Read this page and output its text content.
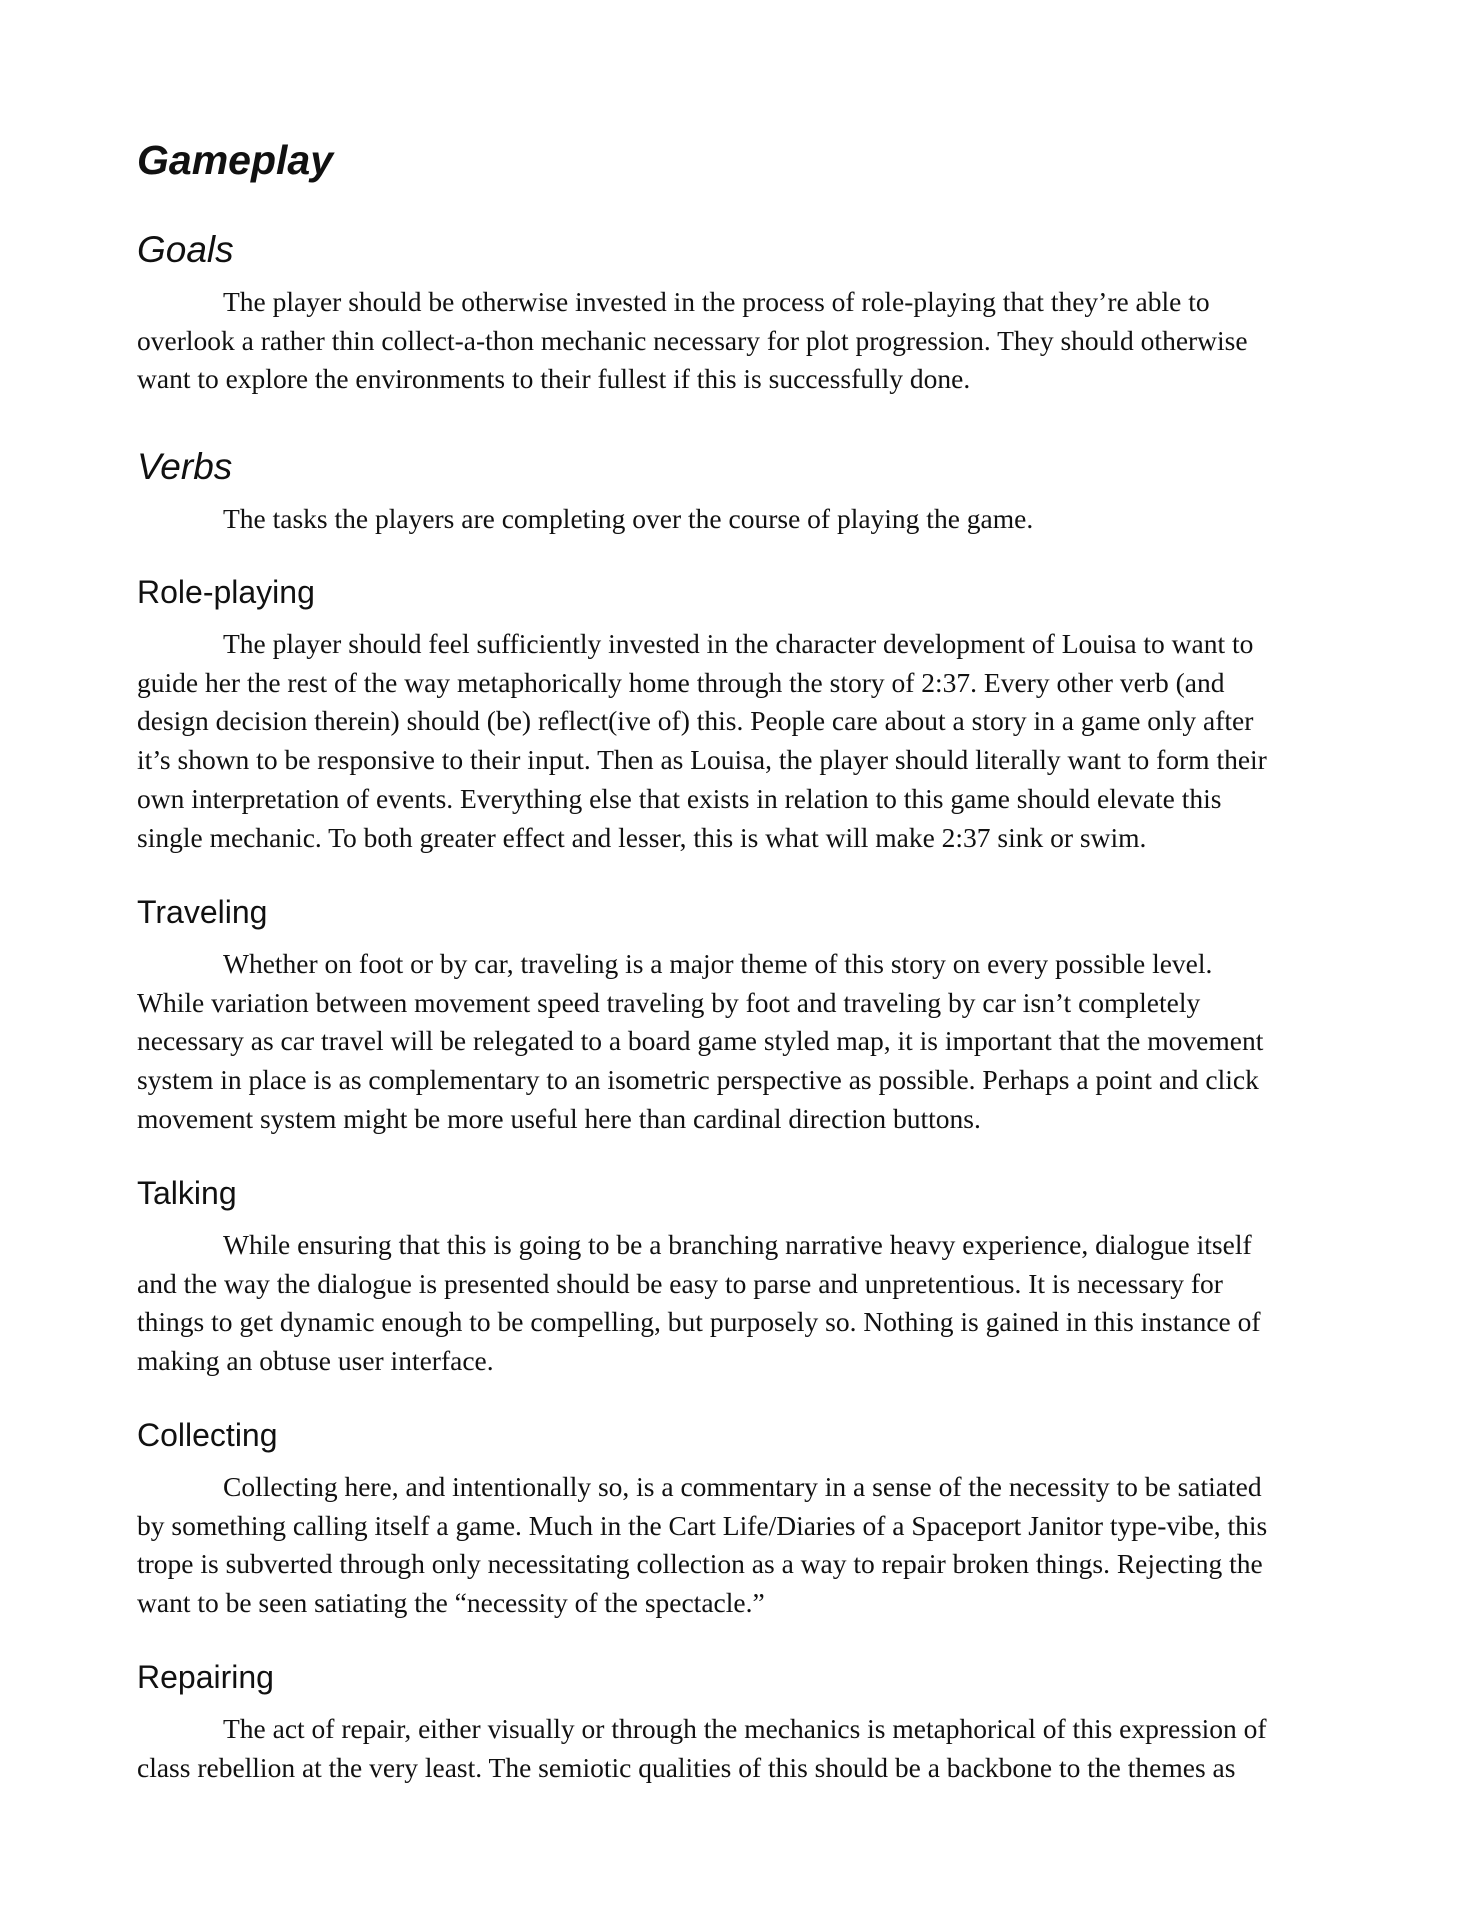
Gameplay
Goals
The player should be otherwise invested in the process of role-playing that they’re able to
overlook a rather thin collect-a-thon mechanic necessary for plot progression. They should otherwise
want to explore the environments to their fullest if this is successfully done.
Verbs
The tasks the players are completing over the course of playing the game.
Role-playing
The player should feel sufficiently invested in the character development of Louisa to want to
guide her the rest of the way metaphorically home through the story of 2:37. Every other verb (and
design decision therein) should (be) reflect(ive of) this. People care about a story in a game only after
it’s shown to be responsive to their input. Then as Louisa, the player should literally want to form their
own interpretation of events. Everything else that exists in relation to this game should elevate this
single mechanic. To both greater effect and lesser, this is what will make 2:37 sink or swim.
Traveling
Whether on foot or by car, traveling is a major theme of this story on every possible level.
While variation between movement speed traveling by foot and traveling by car isn’t completely
necessary as car travel will be relegated to a board game styled map, it is important that the movement
system in place is as complementary to an isometric perspective as possible. Perhaps a point and click
movement system might be more useful here than cardinal direction buttons.
Talking
While ensuring that this is going to be a branching narrative heavy experience, dialogue itself
and the way the dialogue is presented should be easy to parse and unpretentious. It is necessary for
things to get dynamic enough to be compelling, but purposely so. Nothing is gained in this instance of
making an obtuse user interface.
Collecting
Collecting here, and intentionally so, is a commentary in a sense of the necessity to be satiated
by something calling itself a game. Much in the Cart Life/Diaries of a Spaceport Janitor type-vibe, this
trope is subverted through only necessitating collection as a way to repair broken things. Rejecting the
want to be seen satiating the “necessity of the spectacle.”
Repairing
The act of repair, either visually or through the mechanics is metaphorical of this expression of
class rebellion at the very least. The semiotic qualities of this should be a backbone to the themes as
